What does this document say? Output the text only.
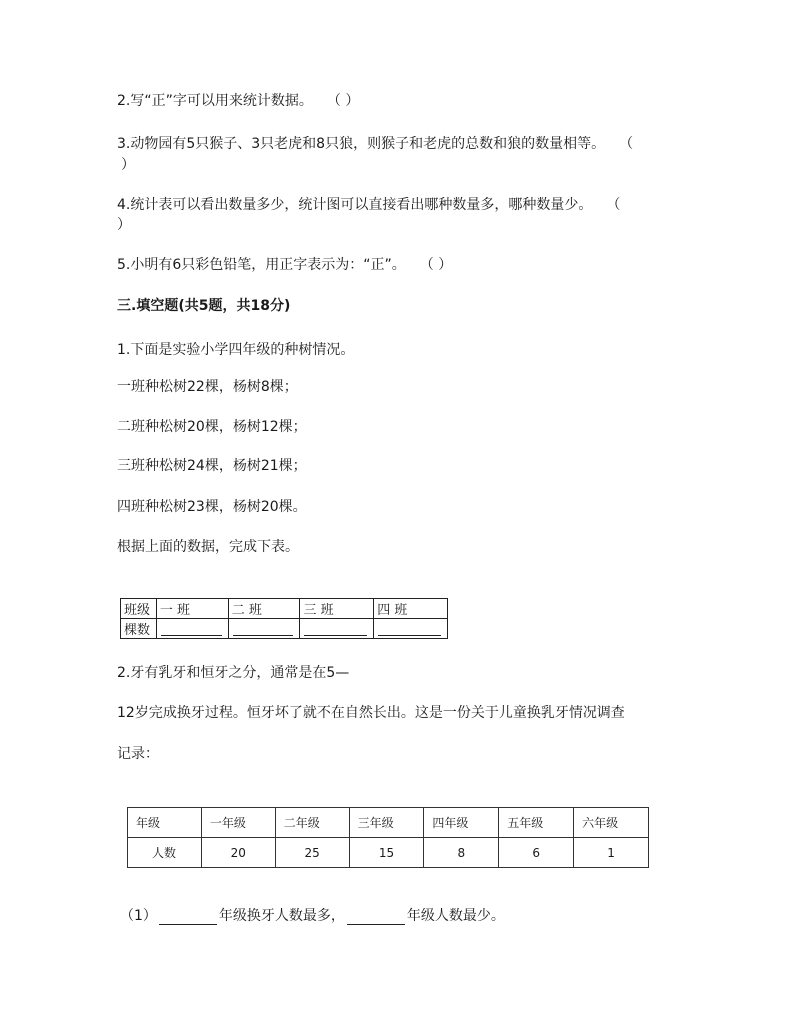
2.写“正”字可以用来统计数据。　　（ ）
3.动物园有5只猴子、3只老虎和8只狼，则猴子和老虎的总数和狼的数量相等。　　（
）
4.统计表可以看出数量多少，统计图可以直接看出哪种数量多，哪种数量少。　　（
）
5.小明有6只彩色铅笔，用正字表示为：“正”。　　（ ）
三.填空题(共5题，共18分)
1.下面是实验小学四年级的种树情况。
一班种松树22棵，杨树8棵；
二班种松树20棵，杨树12棵；
三班种松树24棵，杨树21棵；
四班种松树23棵，杨树20棵。
根据上面的数据，完成下表。
班级	一 班	二 班	三 班	四 班
棵数	

2.牙有乳牙和恒牙之分，通常是在5—
12岁完成换牙过程。恒牙坏了就不在自然长出。这是一份关于儿童换乳牙情况调查
记录：
年级	一年级	二年级	三年级	四年级	五年级	六年级
人数	20	25	15	8	6	1
（1）	年级换牙人数最多，	年级人数最少。
